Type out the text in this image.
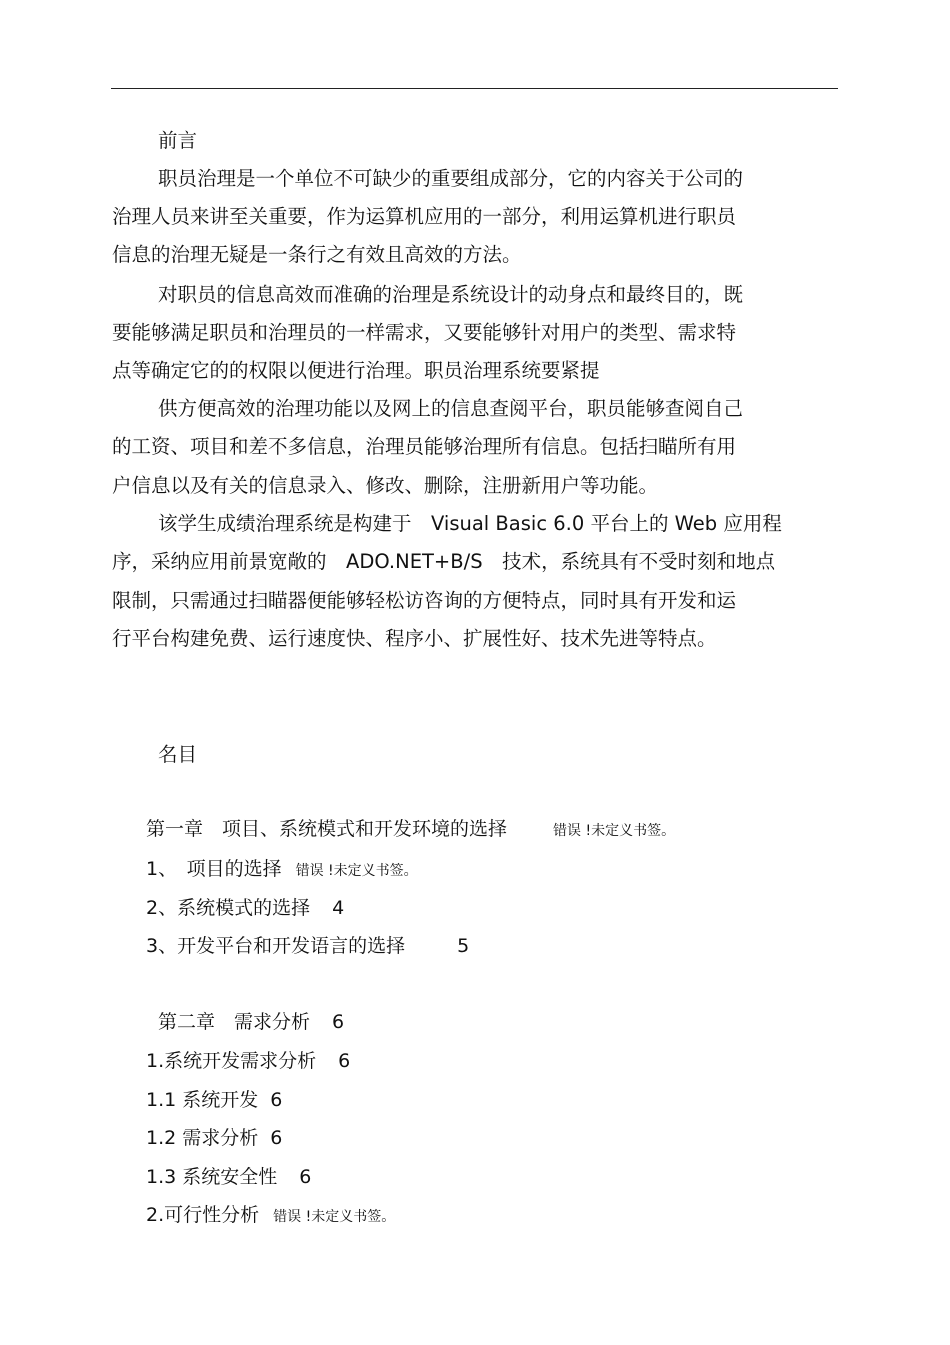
前言
职员治理是一个单位不可缺少的重要组成部分，它的内容关于公司的
治理人员来讲至关重要，作为运算机应用的一部分，利用运算机进行职员
信息的治理无疑是一条行之有效且高效的方法。
对职员的信息高效而准确的治理是系统设计的动身点和最终目的，既
要能够满足职员和治理员的一样需求，又要能够针对用户的类型、需求特
点等确定它的的权限以便进行治理。职员治理系统要紧提
供方便高效的治理功能以及网上的信息查阅平台，职员能够查阅自己
的工资、项目和差不多信息，治理员能够治理所有信息。包括扫瞄所有用
户信息以及有关的信息录入、修改、删除，注册新用户等功能。
该学生成绩治理系统是构建于　Visual Basic 6.0 平台上的 Web 应用程
序，采纳应用前景宽敞的　ADO.NET+B/S　技术，系统具有不受时刻和地点
限制，只需通过扫瞄器便能够轻松访咨询的方便特点，同时具有开发和运
行平台构建免费、运行速度快、程序小、扩展性好、技术先进等特点。
名目
第一章　项目、系统模式和开发环境的选择	错误 !未定义书签。
1、　项目的选择 错误 !未定义书签。
2、系统模式的选择 4
3、开发平台和开发语言的选择	5
第二章　需求分析 6
1.系统开发需求分析 6
1.1 系统开发 6
1.2 需求分析 6
1.3 系统安全性 6
2.可行性分析 错误 !未定义书签。
